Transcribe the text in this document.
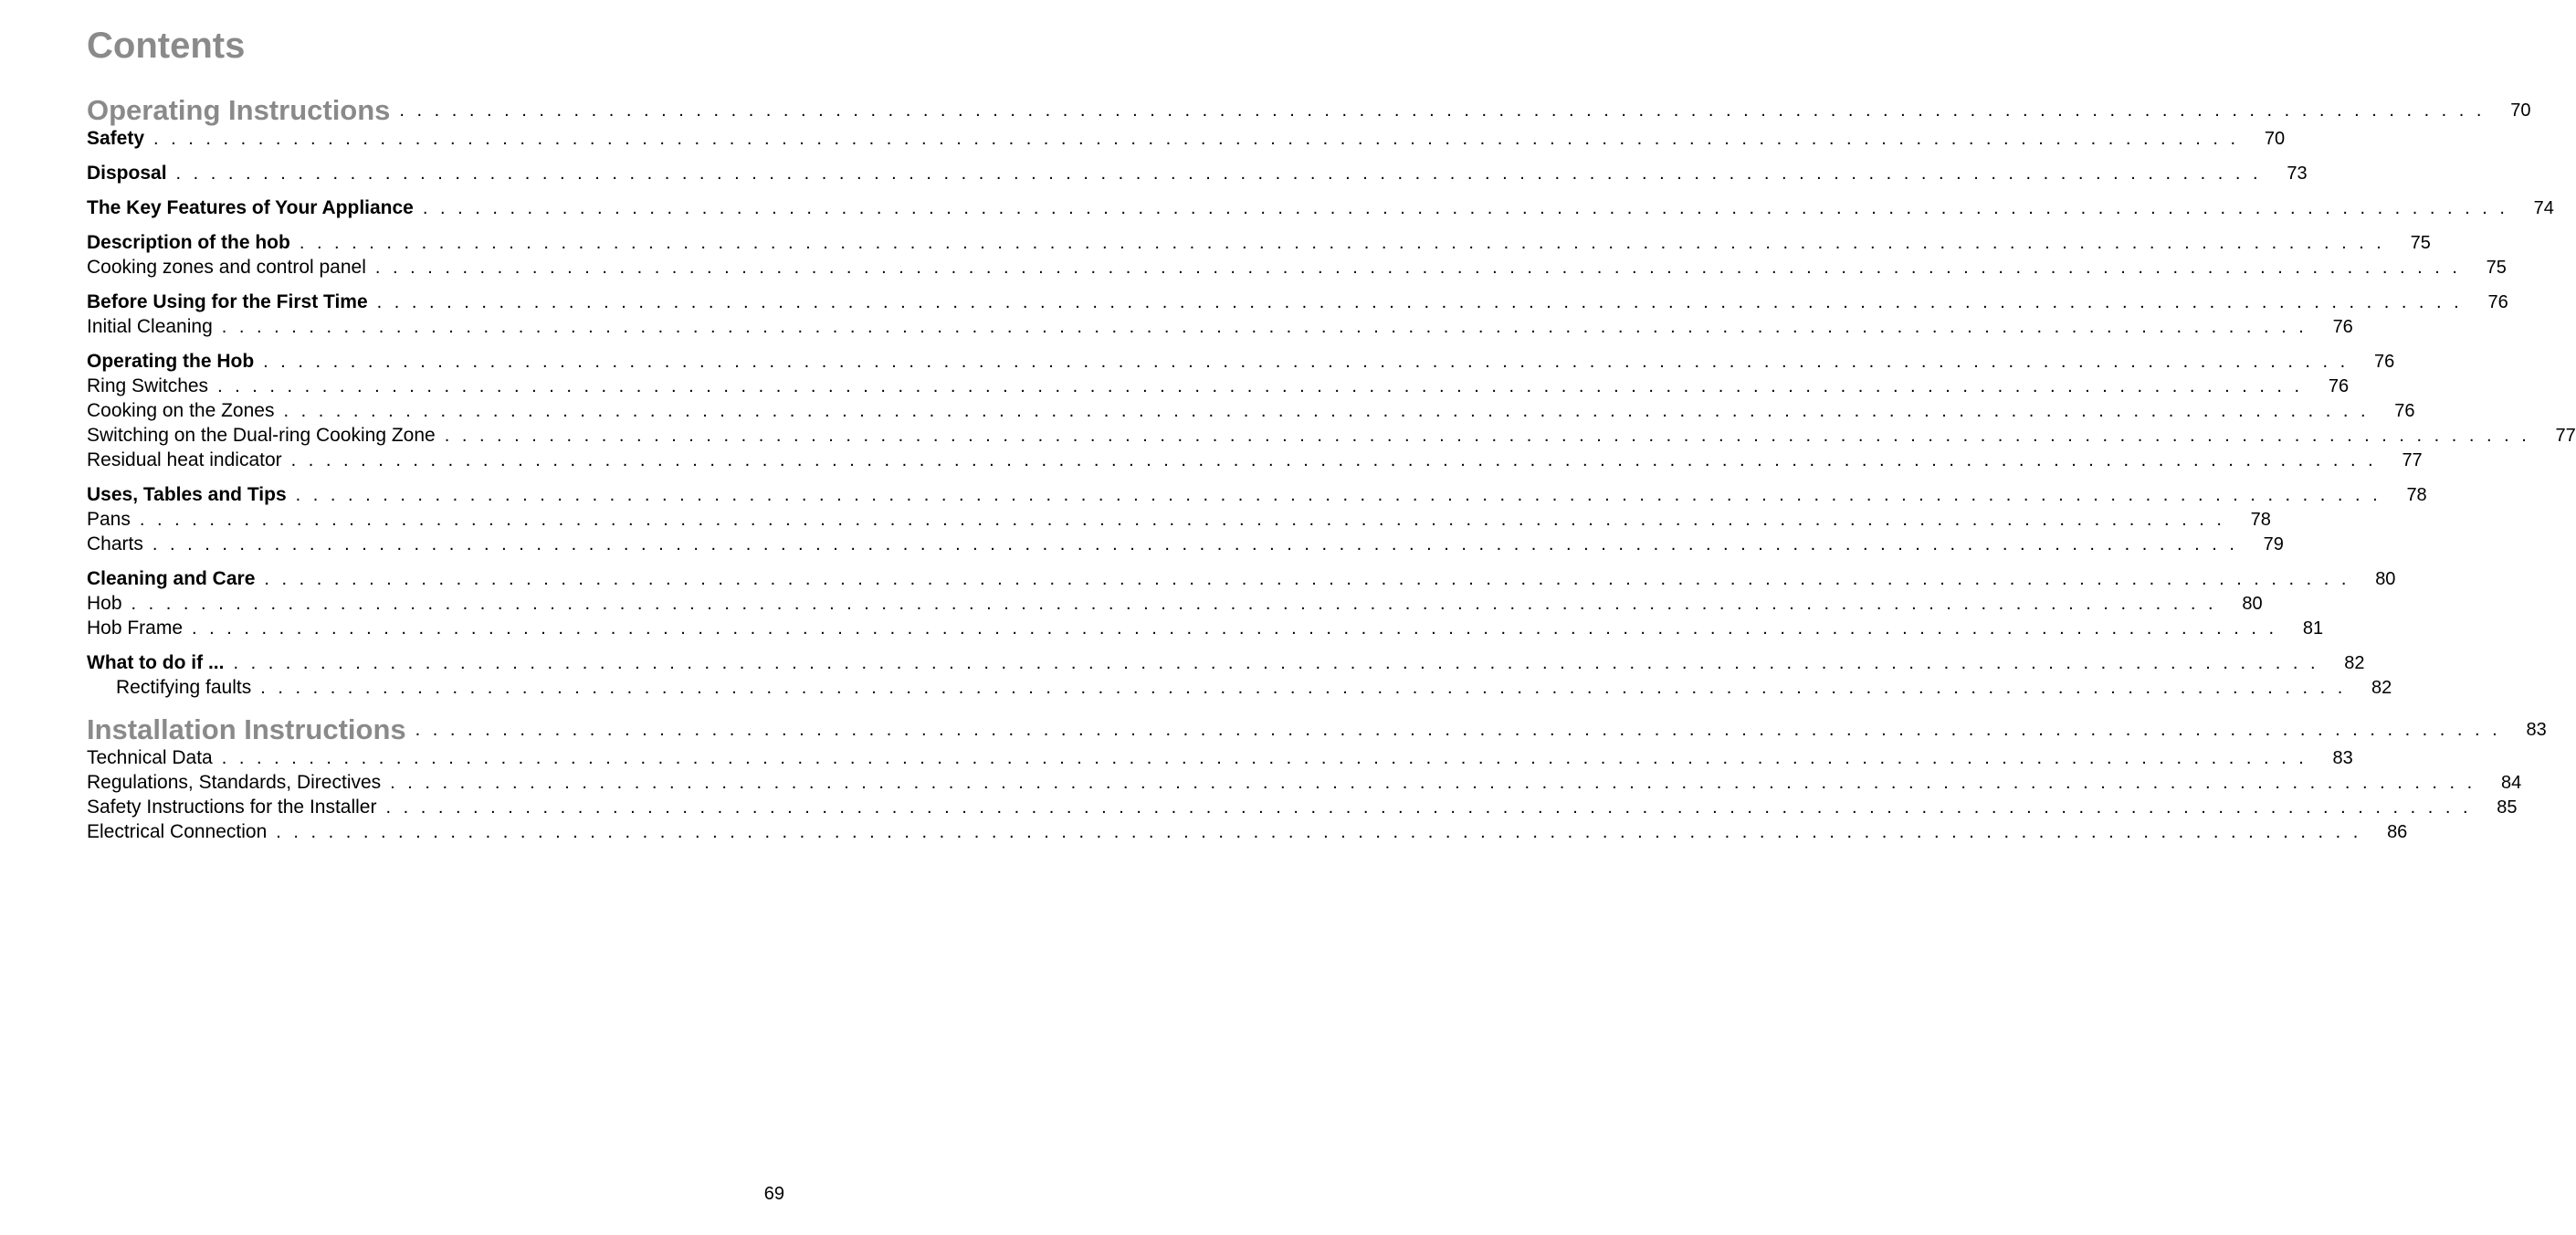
Contents
Operating Instructions . . . . . . . . . . . . . . . . . . . . . . . . . . . . . . . . . . . . . . . . . . . . . . . . . . . . . . . . . . . . . . . . . . . . . . . . . . . . . . . . . . . . . . . . . . . . . . . . . . . . . . . . . . . . . . . . . . . . . . . .	70
Safety . . . . . . . . . . . . . . . . . . . . . . . . . . . . . . . . . . . . . . . . . . . . . . . . . . . . . . . . . . . . . . . . . . . . . . . . . . . . . . . . . . . . . . . . . . . . . . . . . . . . . . . . . . . . . . . . . . . . . . . .	70
Disposal . . . . . . . . . . . . . . . . . . . . . . . . . . . . . . . . . . . . . . . . . . . . . . . . . . . . . . . . . . . . . . . . . . . . . . . . . . . . . . . . . . . . . . . . . . . . . . . . . . . . . . . . . . . . . . . . . . . . . . . .	73
The Key Features of Your Appliance . . . . . . . . . . . . . . . . . . . . . . . . . . . . . . . . . . . . . . . . . . . . . . . . . . . . . . . . . . . . . . . . . . . . . . . . . . . . . . . . . . . . . . . . . . . . . . . . . . . . . . . . . . . . . . . . . . . . . . . .	74
Description of the hob . . . . . . . . . . . . . . . . . . . . . . . . . . . . . . . . . . . . . . . . . . . . . . . . . . . . . . . . . . . . . . . . . . . . . . . . . . . . . . . . . . . . . . . . . . . . . . . . . . . . . . . . . . . . . . . . . . . . . . . .	75
Cooking zones and control panel . . . . . . . . . . . . . . . . . . . . . . . . . . . . . . . . . . . . . . . . . . . . . . . . . . . . . . . . . . . . . . . . . . . . . . . . . . . . . . . . . . . . . . . . . . . . . . . . . . . . . . . . . . . . . . . . . . . . . . . .	75
Before Using for the First Time . . . . . . . . . . . . . . . . . . . . . . . . . . . . . . . . . . . . . . . . . . . . . . . . . . . . . . . . . . . . . . . . . . . . . . . . . . . . . . . . . . . . . . . . . . . . . . . . . . . . . . . . . . . . . . . . . . . . . . . .	76
Initial Cleaning . . . . . . . . . . . . . . . . . . . . . . . . . . . . . . . . . . . . . . . . . . . . . . . . . . . . . . . . . . . . . . . . . . . . . . . . . . . . . . . . . . . . . . . . . . . . . . . . . . . . . . . . . . . . . . . . . . . . . . . .	76
Operating the Hob . . . . . . . . . . . . . . . . . . . . . . . . . . . . . . . . . . . . . . . . . . . . . . . . . . . . . . . . . . . . . . . . . . . . . . . . . . . . . . . . . . . . . . . . . . . . . . . . . . . . . . . . . . . . . . . . . . . . . . . .	76
Ring Switches . . . . . . . . . . . . . . . . . . . . . . . . . . . . . . . . . . . . . . . . . . . . . . . . . . . . . . . . . . . . . . . . . . . . . . . . . . . . . . . . . . . . . . . . . . . . . . . . . . . . . . . . . . . . . . . . . . . . . . . .	76
Cooking on the Zones . . . . . . . . . . . . . . . . . . . . . . . . . . . . . . . . . . . . . . . . . . . . . . . . . . . . . . . . . . . . . . . . . . . . . . . . . . . . . . . . . . . . . . . . . . . . . . . . . . . . . . . . . . . . . . . . . . . . . . . .	76
Switching on the Dual-ring Cooking Zone . . . . . . . . . . . . . . . . . . . . . . . . . . . . . . . . . . . . . . . . . . . . . . . . . . . . . . . . . . . . . . . . . . . . . . . . . . . . . . . . . . . . . . . . . . . . . . . . . . . . . . . . . . . . . . . . . . . . . . . .	77
Residual heat indicator . . . . . . . . . . . . . . . . . . . . . . . . . . . . . . . . . . . . . . . . . . . . . . . . . . . . . . . . . . . . . . . . . . . . . . . . . . . . . . . . . . . . . . . . . . . . . . . . . . . . . . . . . . . . . . . . . . . . . . . .	77
Uses, Tables and Tips . . . . . . . . . . . . . . . . . . . . . . . . . . . . . . . . . . . . . . . . . . . . . . . . . . . . . . . . . . . . . . . . . . . . . . . . . . . . . . . . . . . . . . . . . . . . . . . . . . . . . . . . . . . . . . . . . . . . . . . .	78
Pans . . . . . . . . . . . . . . . . . . . . . . . . . . . . . . . . . . . . . . . . . . . . . . . . . . . . . . . . . . . . . . . . . . . . . . . . . . . . . . . . . . . . . . . . . . . . . . . . . . . . . . . . . . . . . . . . . . . . . . . .	78
Charts . . . . . . . . . . . . . . . . . . . . . . . . . . . . . . . . . . . . . . . . . . . . . . . . . . . . . . . . . . . . . . . . . . . . . . . . . . . . . . . . . . . . . . . . . . . . . . . . . . . . . . . . . . . . . . . . . . . . . . . .	79
Cleaning and Care . . . . . . . . . . . . . . . . . . . . . . . . . . . . . . . . . . . . . . . . . . . . . . . . . . . . . . . . . . . . . . . . . . . . . . . . . . . . . . . . . . . . . . . . . . . . . . . . . . . . . . . . . . . . . . . . . . . . . . . .	80
Hob . . . . . . . . . . . . . . . . . . . . . . . . . . . . . . . . . . . . . . . . . . . . . . . . . . . . . . . . . . . . . . . . . . . . . . . . . . . . . . . . . . . . . . . . . . . . . . . . . . . . . . . . . . . . . . . . . . . . . . . .	80
Hob Frame . . . . . . . . . . . . . . . . . . . . . . . . . . . . . . . . . . . . . . . . . . . . . . . . . . . . . . . . . . . . . . . . . . . . . . . . . . . . . . . . . . . . . . . . . . . . . . . . . . . . . . . . . . . . . . . . . . . . . . . .	81
What to do if ... . . . . . . . . . . . . . . . . . . . . . . . . . . . . . . . . . . . . . . . . . . . . . . . . . . . . . . . . . . . . . . . . . . . . . . . . . . . . . . . . . . . . . . . . . . . . . . . . . . . . . . . . . . . . . . . . . . . . . . . .	82
Rectifying faults . . . . . . . . . . . . . . . . . . . . . . . . . . . . . . . . . . . . . . . . . . . . . . . . . . . . . . . . . . . . . . . . . . . . . . . . . . . . . . . . . . . . . . . . . . . . . . . . . . . . . . . . . . . . . . . . . . . . . . . .	82
Installation Instructions . . . . . . . . . . . . . . . . . . . . . . . . . . . . . . . . . . . . . . . . . . . . . . . . . . . . . . . . . . . . . . . . . . . . . . . . . . . . . . . . . . . . . . . . . . . . . . . . . . . . . . . . . . . . . . . . . . . . . . . .	83
Technical Data . . . . . . . . . . . . . . . . . . . . . . . . . . . . . . . . . . . . . . . . . . . . . . . . . . . . . . . . . . . . . . . . . . . . . . . . . . . . . . . . . . . . . . . . . . . . . . . . . . . . . . . . . . . . . . . . . . . . . . . .	83
Regulations, Standards, Directives . . . . . . . . . . . . . . . . . . . . . . . . . . . . . . . . . . . . . . . . . . . . . . . . . . . . . . . . . . . . . . . . . . . . . . . . . . . . . . . . . . . . . . . . . . . . . . . . . . . . . . . . . . . . . . . . . . . . . . . .	84
Safety Instructions for the Installer . . . . . . . . . . . . . . . . . . . . . . . . . . . . . . . . . . . . . . . . . . . . . . . . . . . . . . . . . . . . . . . . . . . . . . . . . . . . . . . . . . . . . . . . . . . . . . . . . . . . . . . . . . . . . . . . . . . . . . . .	85
Electrical Connection . . . . . . . . . . . . . . . . . . . . . . . . . . . . . . . . . . . . . . . . . . . . . . . . . . . . . . . . . . . . . . . . . . . . . . . . . . . . . . . . . . . . . . . . . . . . . . . . . . . . . . . . . . . . . . . . . . . . . . . .	86
69
